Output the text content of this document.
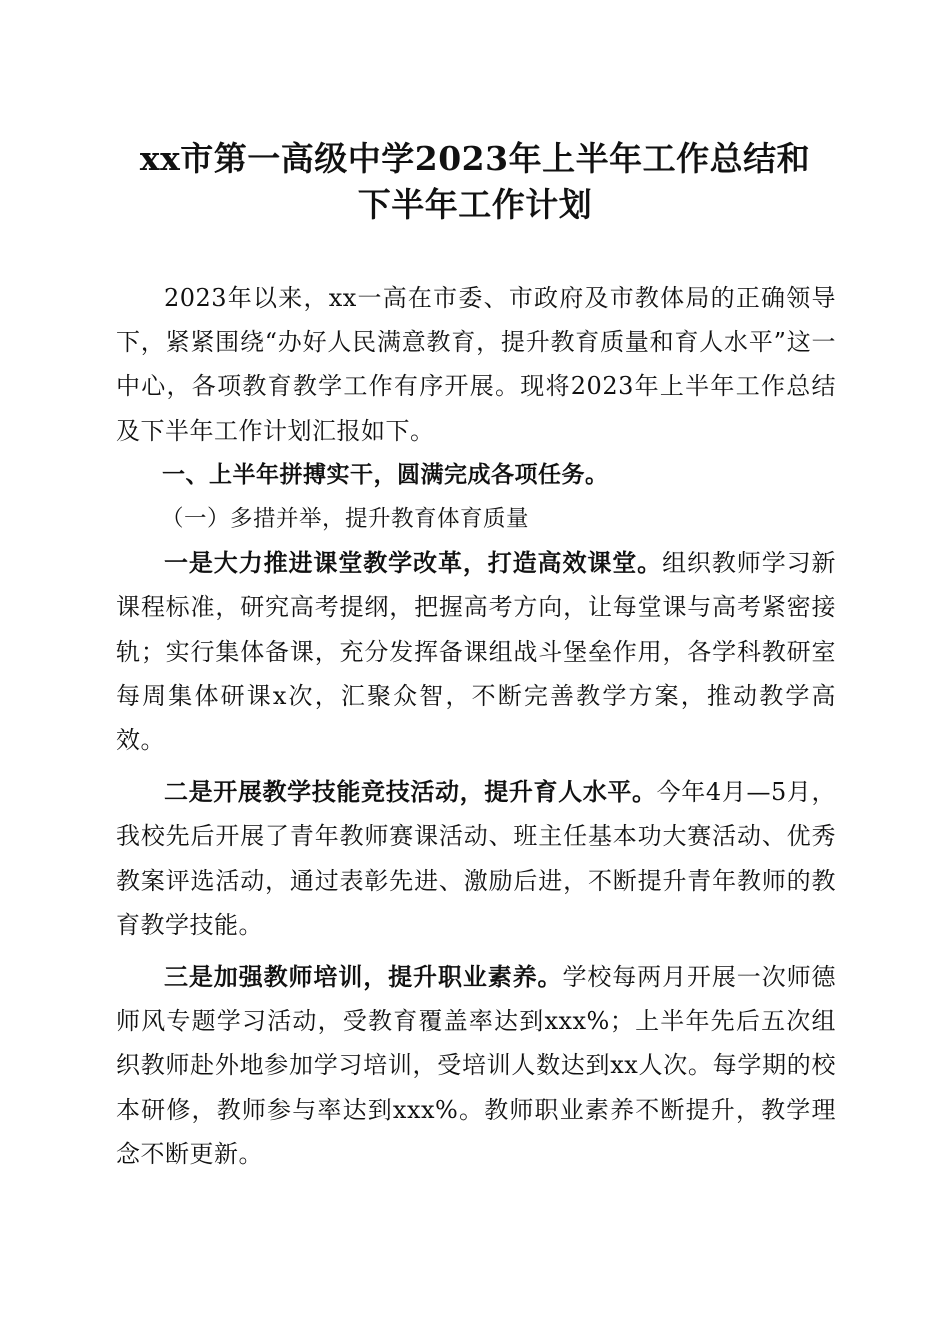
xx市第一高级中学2023年上半年工作总结和
下半年工作计划

2023年以来，xx一高在市委、市政府及市教体局的正确领导下，紧紧围绕“办好人民满意教育，提升教育质量和育人水平”这一中心，各项教育教学工作有序开展。现将2023年上半年工作总结及下半年工作计划汇报如下。

一、上半年拼搏实干，圆满完成各项任务。

（一）多措并举，提升教育体育质量

一是大力推进课堂教学改革，打造高效课堂。组织教师学习新课程标准，研究高考提纲，把握高考方向，让每堂课与高考紧密接轨；实行集体备课，充分发挥备课组战斗堡垒作用，各学科教研室每周集体研课x次，汇聚众智，不断完善教学方案，推动教学高效。

二是开展教学技能竞技活动，提升育人水平。今年4月—5月，我校先后开展了青年教师赛课活动、班主任基本功大赛活动、优秀教案评选活动，通过表彰先进、激励后进，不断提升青年教师的教育教学技能。

三是加强教师培训，提升职业素养。学校每两月开展一次师德师风专题学习活动，受教育覆盖率达到xxx%；上半年先后五次组织教师赴外地参加学习培训，受培训人数达到xx人次。每学期的校本研修，教师参与率达到xxx%。教师职业素养不断提升，教学理念不断更新。
